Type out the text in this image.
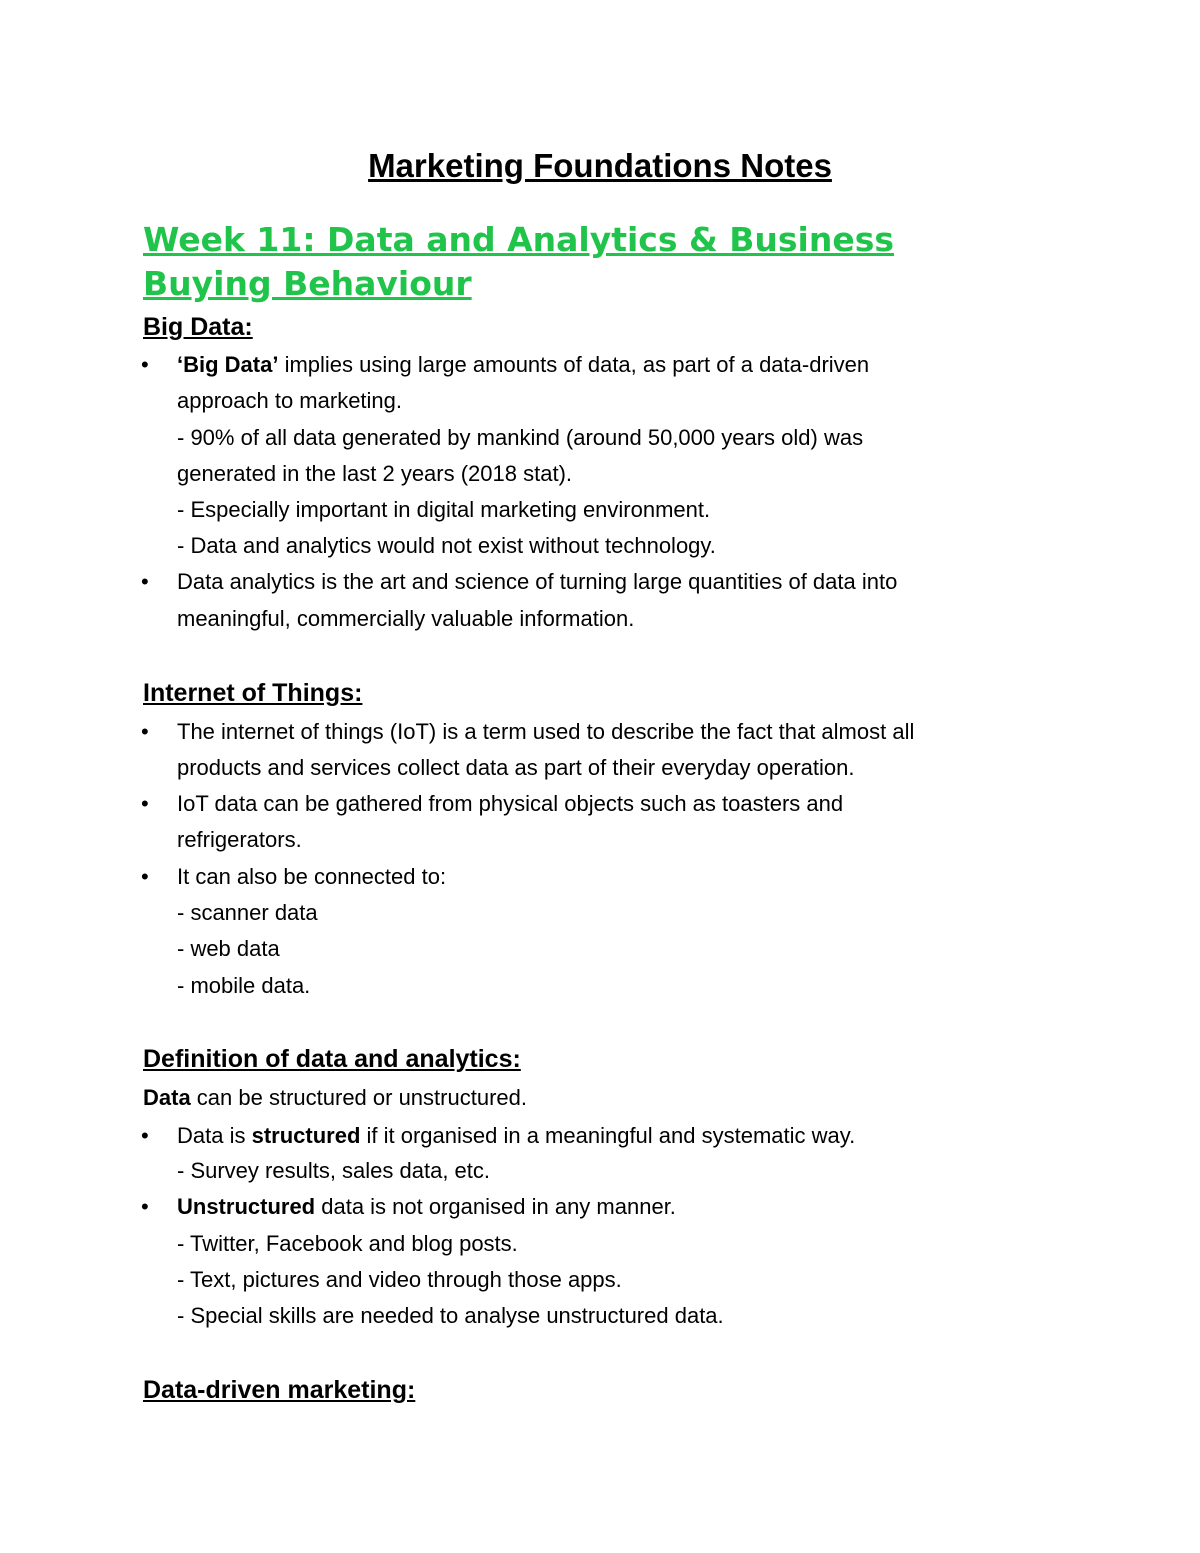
Marketing Foundations Notes
Week 11: Data and Analytics & Business
Buying Behaviour
Big Data:
• ‘Big Data’ implies using large amounts of data, as part of a data-driven
approach to marketing.
- 90% of all data generated by mankind (around 50,000 years old) was
generated in the last 2 years (2018 stat).
- Especially important in digital marketing environment.
- Data and analytics would not exist without technology.
• Data analytics is the art and science of turning large quantities of data into
meaningful, commercially valuable information.
Internet of Things:
• The internet of things (IoT) is a term used to describe the fact that almost all
products and services collect data as part of their everyday operation.
• IoT data can be gathered from physical objects such as toasters and
refrigerators.
• It can also be connected to:
- scanner data
- web data
- mobile data.
Definition of data and analytics:
Data can be structured or unstructured.
• Data is structured if it organised in a meaningful and systematic way.
- Survey results, sales data, etc.
• Unstructured data is not organised in any manner.
- Twitter, Facebook and blog posts.
- Text, pictures and video through those apps.
- Special skills are needed to analyse unstructured data.
Data-driven marketing:
